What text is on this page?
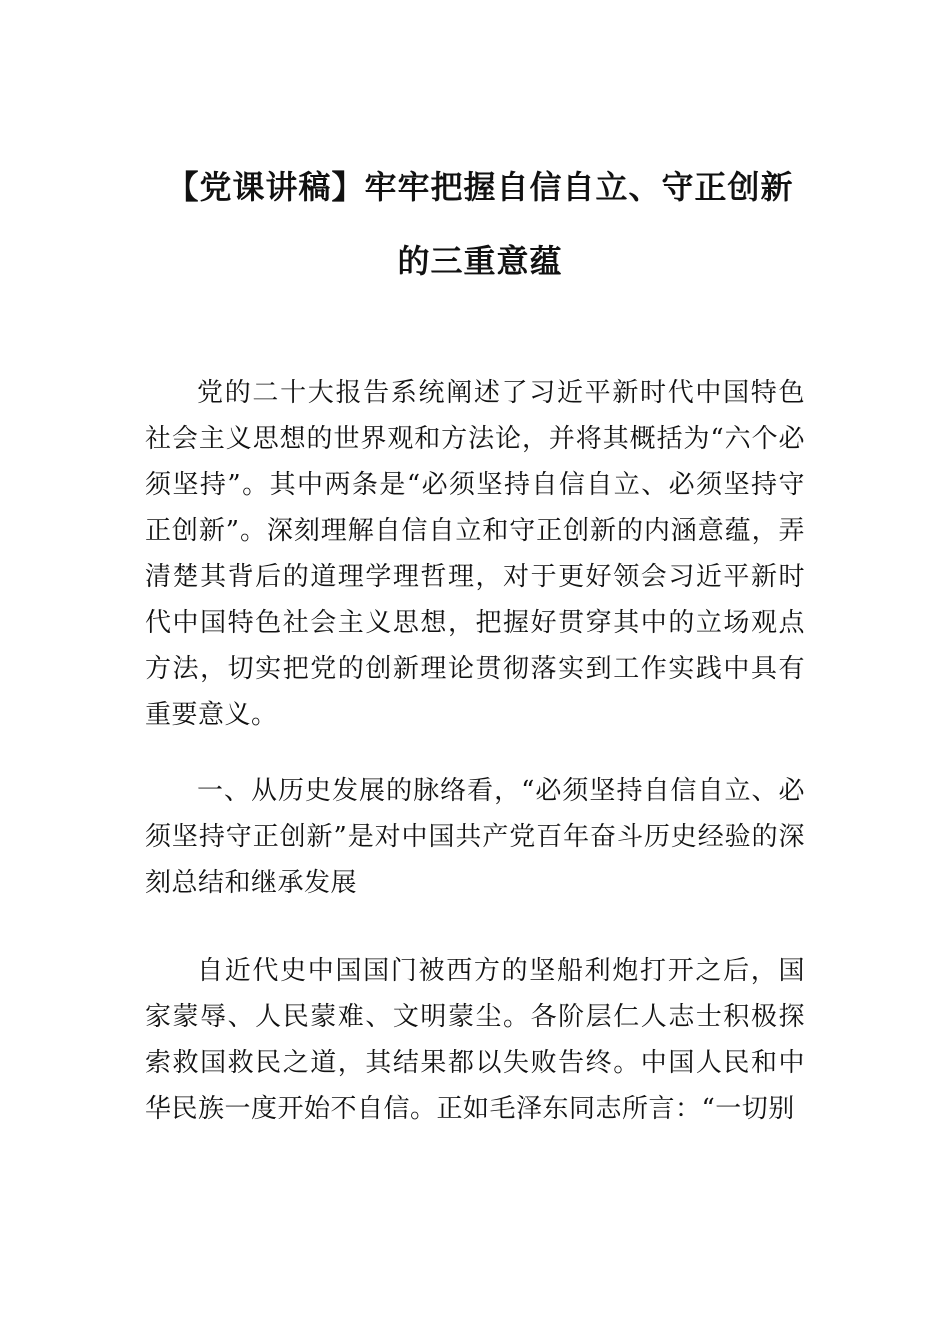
【党课讲稿】牢牢把握自信自立、守正创新
的三重意蕴

党的二十大报告系统阐述了习近平新时代中国特色社会主义思想的世界观和方法论，并将其概括为“六个必须坚持”。其中两条是“必须坚持自信自立、必须坚持守正创新”。深刻理解自信自立和守正创新的内涵意蕴，弄清楚其背后的道理学理哲理，对于更好领会习近平新时代中国特色社会主义思想，把握好贯穿其中的立场观点方法，切实把党的创新理论贯彻落实到工作实践中具有重要意义。

一、从历史发展的脉络看，“必须坚持自信自立、必须坚持守正创新”是对中国共产党百年奋斗历史经验的深刻总结和继承发展

自近代史中国国门被西方的坚船利炮打开之后，国家蒙辱、人民蒙难、文明蒙尘。各阶层仁人志士积极探索救国救民之道，其结果都以失败告终。中国人民和中华民族一度开始不自信。正如毛泽东同志所言：“一切别
